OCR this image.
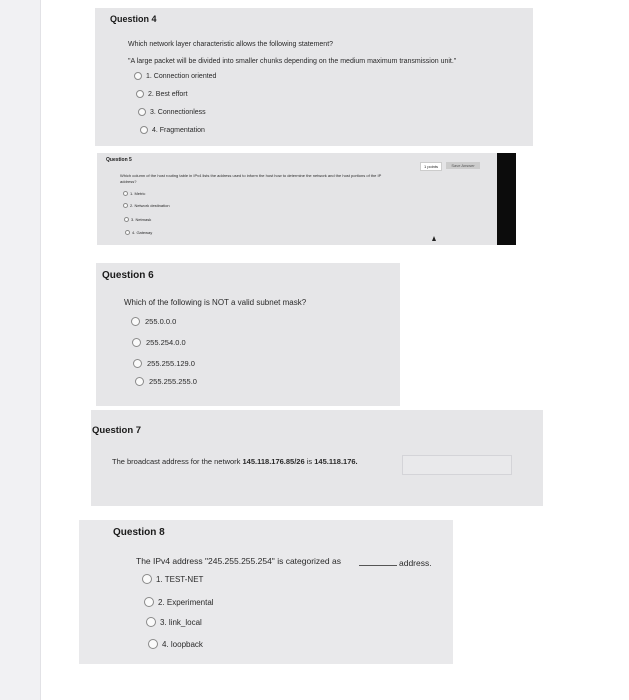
Question 4
Which network layer characteristic allows the following statement?
"A large packet will be divided into smaller chunks depending on the medium maximum transmission unit."
1. Connection oriented
2. Best effort
3. Connectionless
4. Fragmentation
Question 5
1 points	Save Answer
Which column of the host routing table in IPv4 lists the address used to inform the host how to determine the network and the host portions of the IP
address?
1. Metric
2. Network destination
3. Netmask
4. Gateway
Question 6
Which of the following is NOT a valid subnet mask?
255.0.0.0
255.254.0.0
255.255.129.0
255.255.255.0
Question 7
The broadcast address for the network 145.118.176.85/26 is 145.118.176.
Question 8
The IPv4 address "245.255.255.254" is categorized as	address.
1. TEST-NET
2. Experimental
3. link_local
4. loopback
